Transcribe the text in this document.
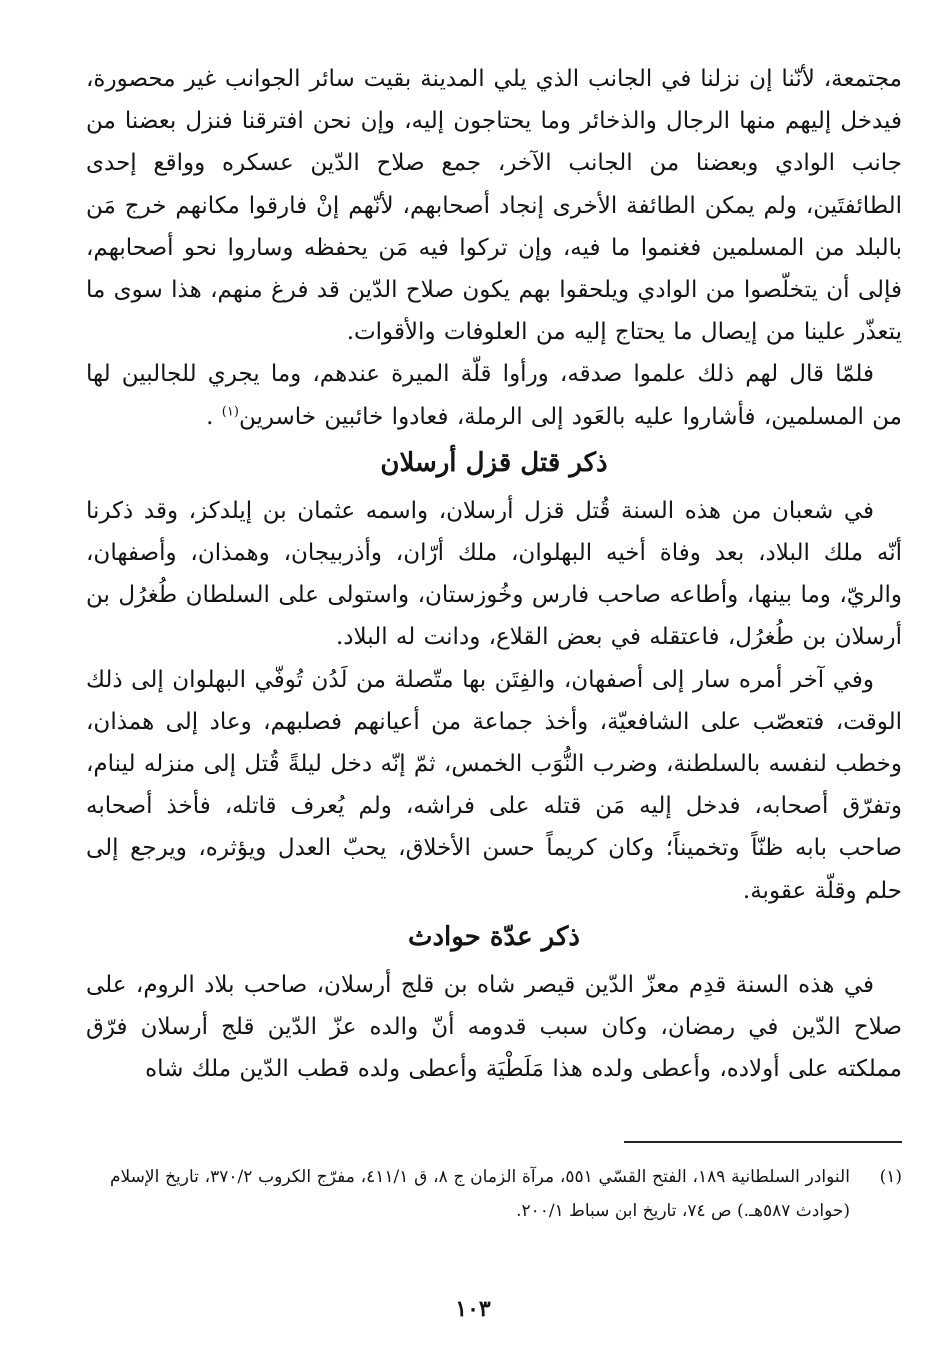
مجتمعة، لأنّنا إن نزلنا في الجانب الذي يلي المدينة بقيت سائر الجوانب غير محصورة، فيدخل إليهم منها الرجال والذخائر وما يحتاجون إليه، وإن نحن افترقنا فنزل بعضنا من جانب الوادي وبعضنا من الجانب الآخر، جمع صلاح الدّين عسكره وواقع إحدى الطائفتَين، ولم يمكن الطائفة الأخرى إنجاد أصحابهم، لأنّهم إنْ فارقوا مكانهم خرج مَن بالبلد من المسلمين فغنموا ما فيه، وإن تركوا فيه مَن يحفظه وساروا نحو أصحابهم، فإلى أن يتخلّصوا من الوادي ويلحقوا بهم يكون صلاح الدّين قد فرغ منهم، هذا سوى ما يتعذّر علينا من إيصال ما يحتاج إليه من العلوفات والأقوات.

فلمّا قال لهم ذلك علموا صدقه، ورأوا قلّة الميرة عندهم، وما يجري للجالبين لها من المسلمين، فأشاروا عليه بالعَود إلى الرملة، فعادوا خائبين خاسرين$^{(١)}$ .

ذكر قتل قزل أرسلان

في شعبان من هذه السنة قُتل قزل أرسلان، واسمه عثمان بن إيلدكز، وقد ذكرنا أنّه ملك البلاد، بعد وفاة أخيه البهلوان، ملك أرّان، وأذربيجان، وهمذان، وأصفهان، والريّ، وما بينها، وأطاعه صاحب فارس وخُوزستان، واستولى على السلطان طُغرُل بن أرسلان بن طُغرُل، فاعتقله في بعض القلاع، ودانت له البلاد.

وفي آخر أمره سار إلى أصفهان، والفِتَن بها متّصلة من لَدُن تُوفّي البهلوان إلى ذلك الوقت، فتعصّب على الشافعيّة، وأخذ جماعة من أعيانهم فصلبهم، وعاد إلى همذان، وخطب لنفسه بالسلطنة، وضرب النُّوَب الخمس، ثمّ إنّه دخل ليلةً قُتل إلى منزله لينام، وتفرّق أصحابه، فدخل إليه مَن قتله على فراشه، ولم يُعرف قاتله، فأخذ أصحابه صاحب بابه ظنّاً وتخميناً؛ وكان كريماً حسن الأخلاق، يحبّ العدل ويؤثره، ويرجع إلى حلم وقلّة عقوبة.

ذكر عدّة حوادث

في هذه السنة قدِم معزّ الدّين قيصر شاه بن قلج أرسلان، صاحب بلاد الروم، على صلاح الدّين في رمضان، وكان سبب قدومه أنّ والده عزّ الدّين قلج أرسلان فرّق مملكته على أولاده، وأعطى ولده هذا مَلَطْيَة وأعطى ولده قطب الدّين ملك شاه

(١)
النوادر السلطانية ١٨٩، الفتح القسّي ٥٥١، مرآة الزمان ج ٨، ق ٤١١/١، مفرّج الكروب ٣٧٠/٢، تاريخ الإسلام (حوادث ٥٨٧هـ.) ص ٧٤، تاريخ ابن سباط ٢٠٠/١.
١٠٣
